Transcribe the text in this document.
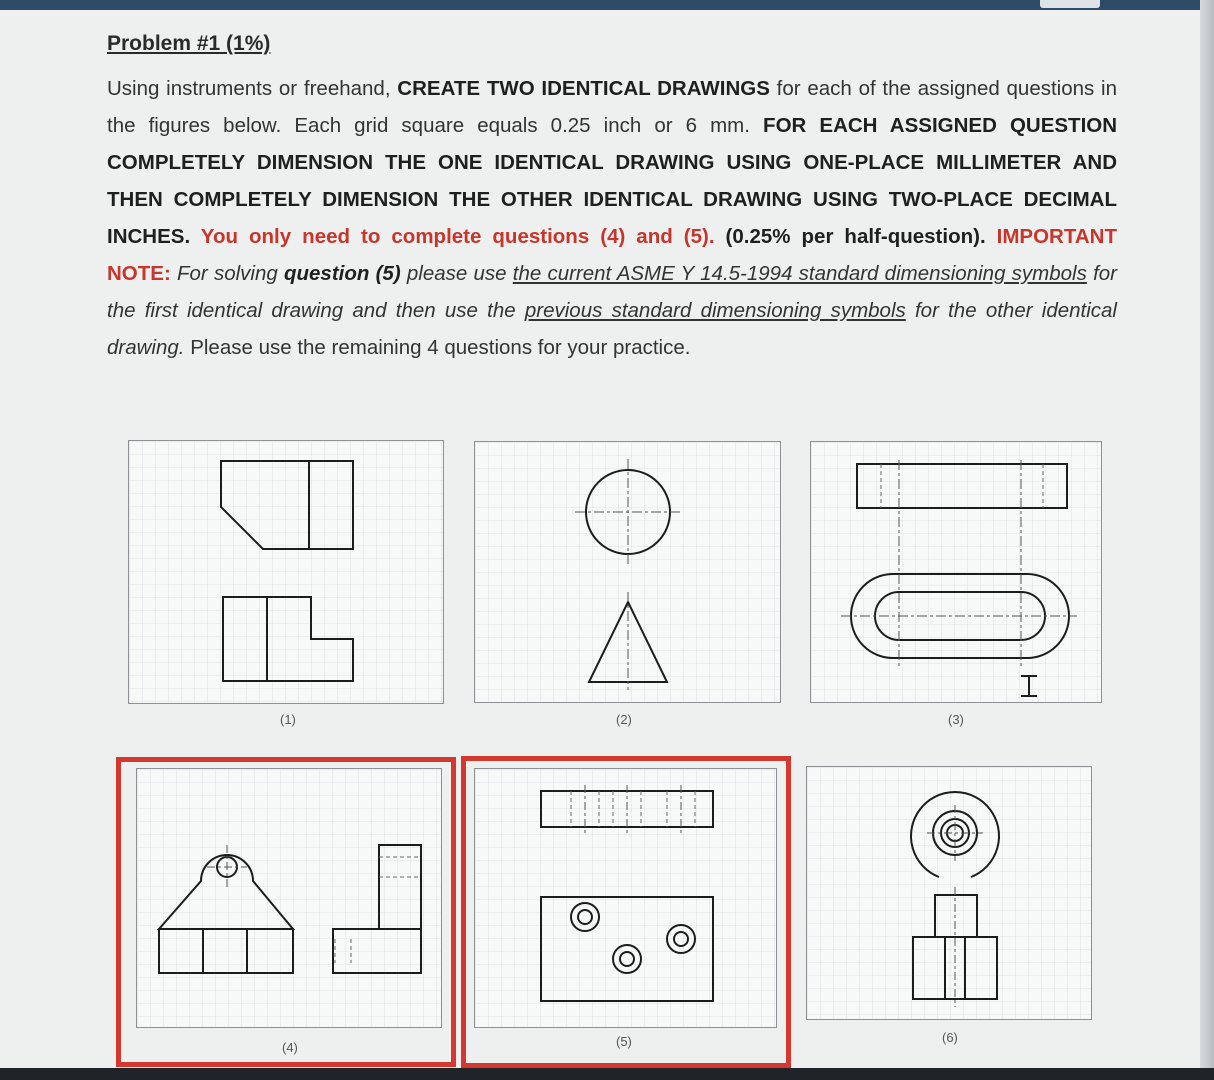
Problem #1 (1%)

Using instruments or freehand, CREATE TWO IDENTICAL DRAWINGS for each of the assigned questions in the figures below. Each grid square equals 0.25 inch or 6 mm. FOR EACH ASSIGNED QUESTION COMPLETELY DIMENSION THE ONE IDENTICAL DRAWING USING ONE-PLACE MILLIMETER AND THEN COMPLETELY DIMENSION THE OTHER IDENTICAL DRAWING USING TWO-PLACE DECIMAL INCHES. You only need to complete questions (4) and (5). (0.25% per half-question). IMPORTANT NOTE: For solving question (5) please use the current ASME Y 14.5-1994 standard dimensioning symbols for the first identical drawing and then use the previous standard dimensioning symbols for the other identical drawing. Please use the remaining 4 questions for your practice.

(1)	(2)	(3)
(4)	(5)	(6)
